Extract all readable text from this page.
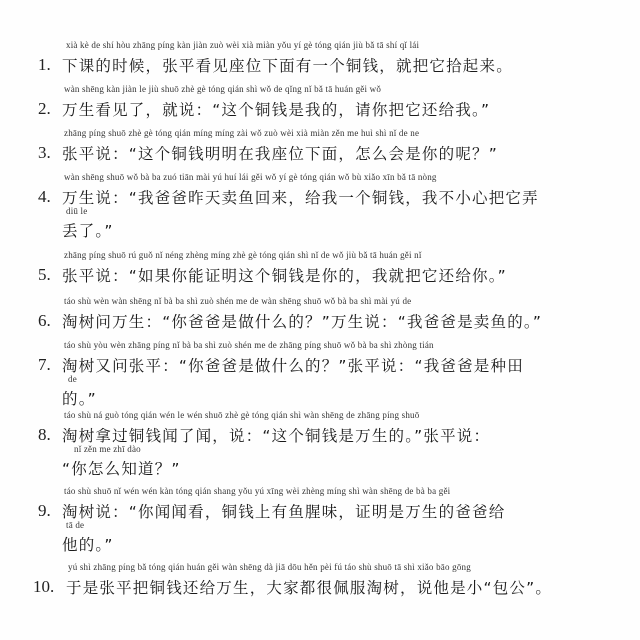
1.
xià kè de shí hòu zhāng píng kàn jiàn zuò wèi xià miàn yǒu yí gè tóng qián jiù bǎ tā shí qǐ lái
下课的时候，张平看见座位下面有一个铜钱，就把它拾起来。
2.
wàn shēng kàn jiàn le jiù shuō zhè gè tóng qián shì wǒ de qǐng nǐ bǎ tā huán gěi wǒ
万生看见了，就说：“这个铜钱是我的，请你把它还给我。”
3.
zhāng píng shuō zhè gè tóng qián míng míng zài wǒ zuò wèi xià miàn zěn me huì shì nǐ de ne
张平说：“这个铜钱明明在我座位下面，怎么会是你的呢？”
4.
wàn shēng shuō wǒ bà ba zuó tiān mài yú huí lái gěi wǒ yí gè tóng qián wǒ bù xiǎo xīn bǎ tā nòng
万生说：“我爸爸昨天卖鱼回来，给我一个铜钱，我不小心把它弄
diū le
丢了。”
5.
zhāng píng shuō rú guǒ nǐ néng zhèng míng zhè gè tóng qián shì nǐ de wǒ jiù bǎ tā huán gěi nǐ
张平说：“如果你能证明这个铜钱是你的，我就把它还给你。”
6.
táo shù wèn wàn shēng nǐ bà ba shì zuò shén me de wàn shēng shuō wǒ bà ba shì mài yú de
淘树问万生：“你爸爸是做什么的？”万生说：“我爸爸是卖鱼的。”
7.
táo shù yòu wèn zhāng píng nǐ bà ba shì zuò shén me de zhāng píng shuō wǒ bà ba shì zhòng tián
淘树又问张平：“你爸爸是做什么的？”张平说：“我爸爸是种田
de
的。”
8.
táo shù ná guò tóng qián wén le wén shuō zhè gè tóng qián shì wàn shēng de zhāng píng shuō
淘树拿过铜钱闻了闻，说：“这个铜钱是万生的。”张平说：
nǐ zěn me zhī dào
“你怎么知道？”
9.
táo shù shuō nǐ wén wén kàn tóng qián shang yǒu yú xīng wèi zhèng míng shì wàn shēng de bà ba gěi
淘树说：“你闻闻看，铜钱上有鱼腥味，证明是万生的爸爸给
tā de
他的。”
10.
yú shì zhāng píng bǎ tóng qián huán gěi wàn shēng dà jiā dōu hěn pèi fú táo shù shuō tā shì xiǎo bāo gōng
于是张平把铜钱还给万生，大家都很佩服淘树，说他是小“包公”。
